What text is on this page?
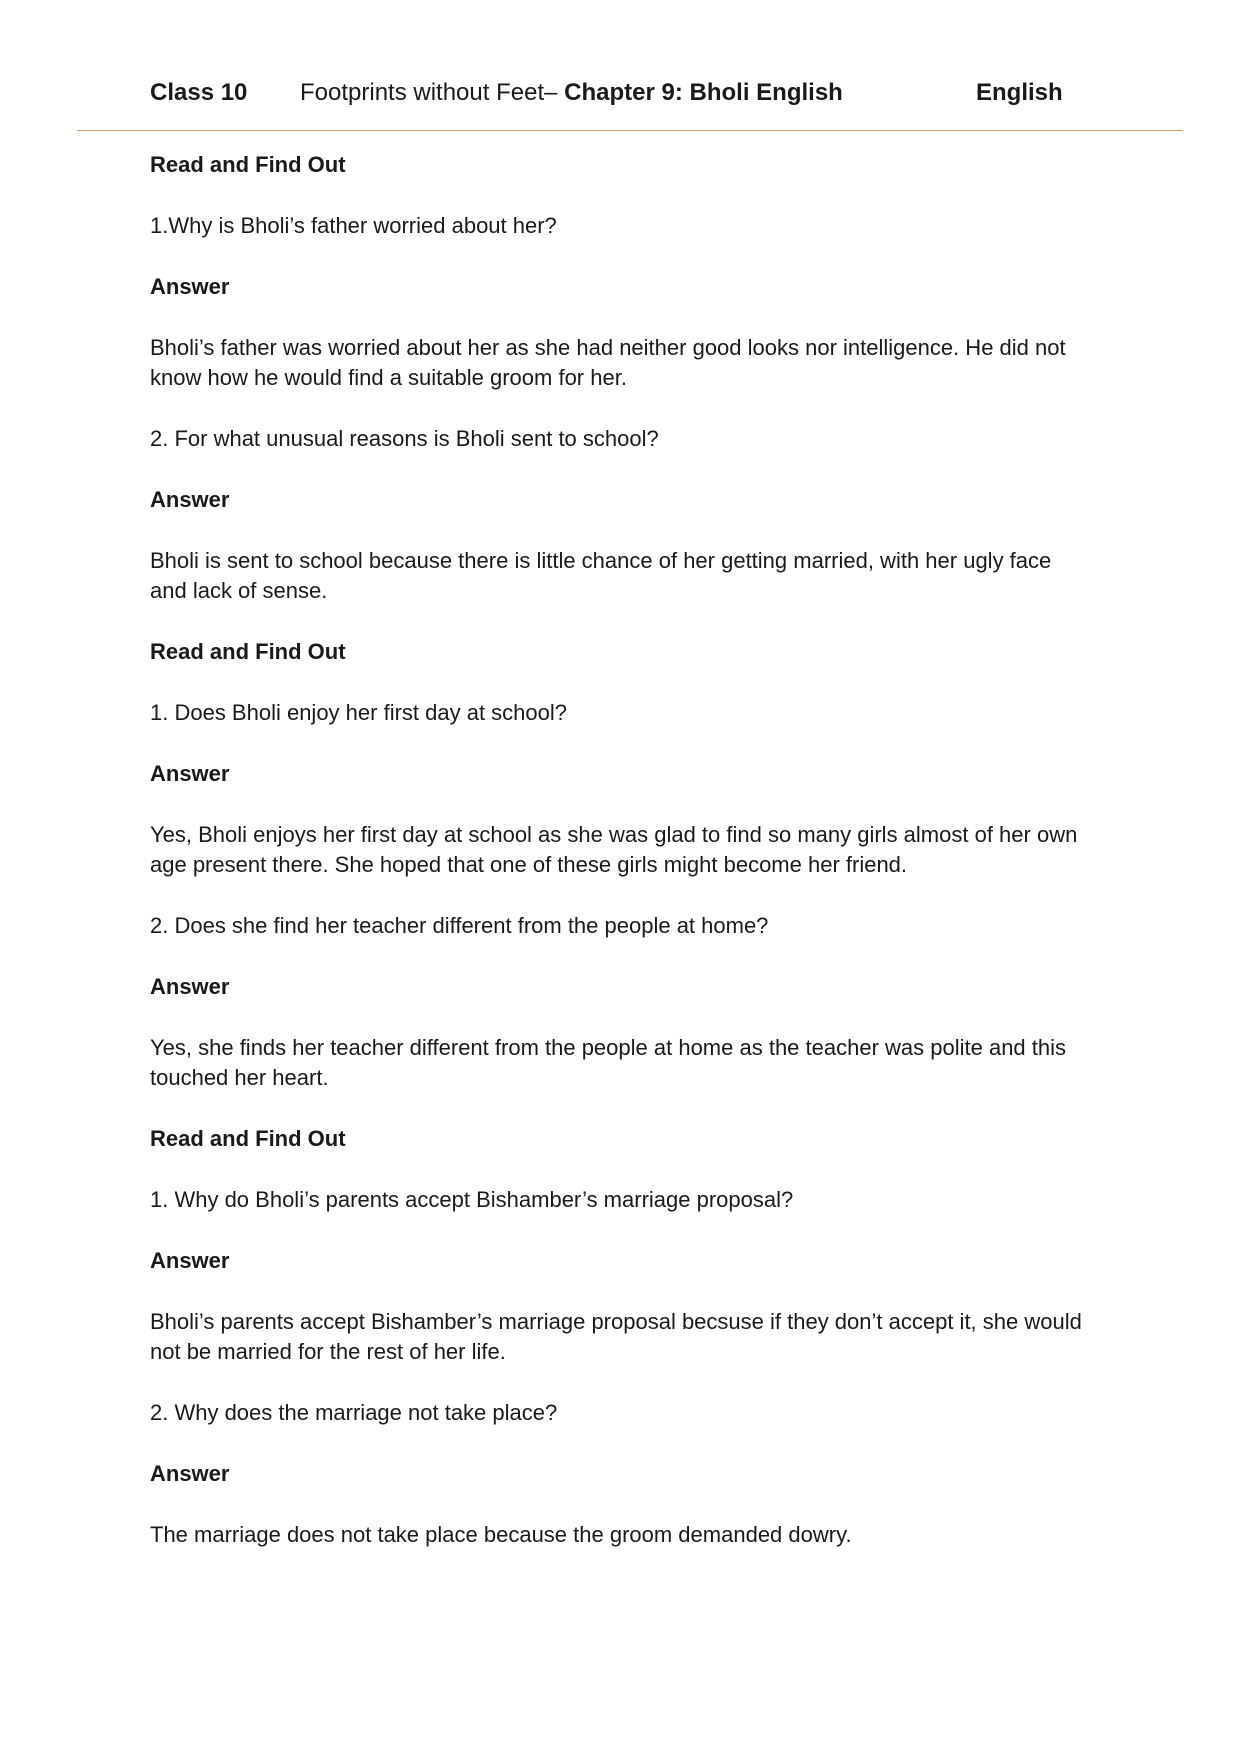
Class 10 Footprints without Feet– Chapter 9: Bholi English	English

Read and Find Out

1.Why is Bholi’s father worried about her?

Answer

Bholi’s father was worried about her as she had neither good looks nor intelligence. He did not know how he would find a suitable groom for her.

2. For what unusual reasons is Bholi sent to school?

Answer

Bholi is sent to school because there is little chance of her getting married, with her ugly face and lack of sense.

Read and Find Out

1. Does Bholi enjoy her first day at school?

Answer

Yes, Bholi enjoys her first day at school as she was glad to find so many girls almost of her own age present there. She hoped that one of these girls might become her friend.

2. Does she find her teacher different from the people at home?

Answer

Yes, she finds her teacher different from the people at home as the teacher was polite and this touched her heart.

Read and Find Out

1. Why do Bholi’s parents accept Bishamber’s marriage proposal?

Answer

Bholi’s parents accept Bishamber’s marriage proposal becsuse if they don’t accept it, she would not be married for the rest of her life.

2. Why does the marriage not take place?

Answer

The marriage does not take place because the groom demanded dowry.
